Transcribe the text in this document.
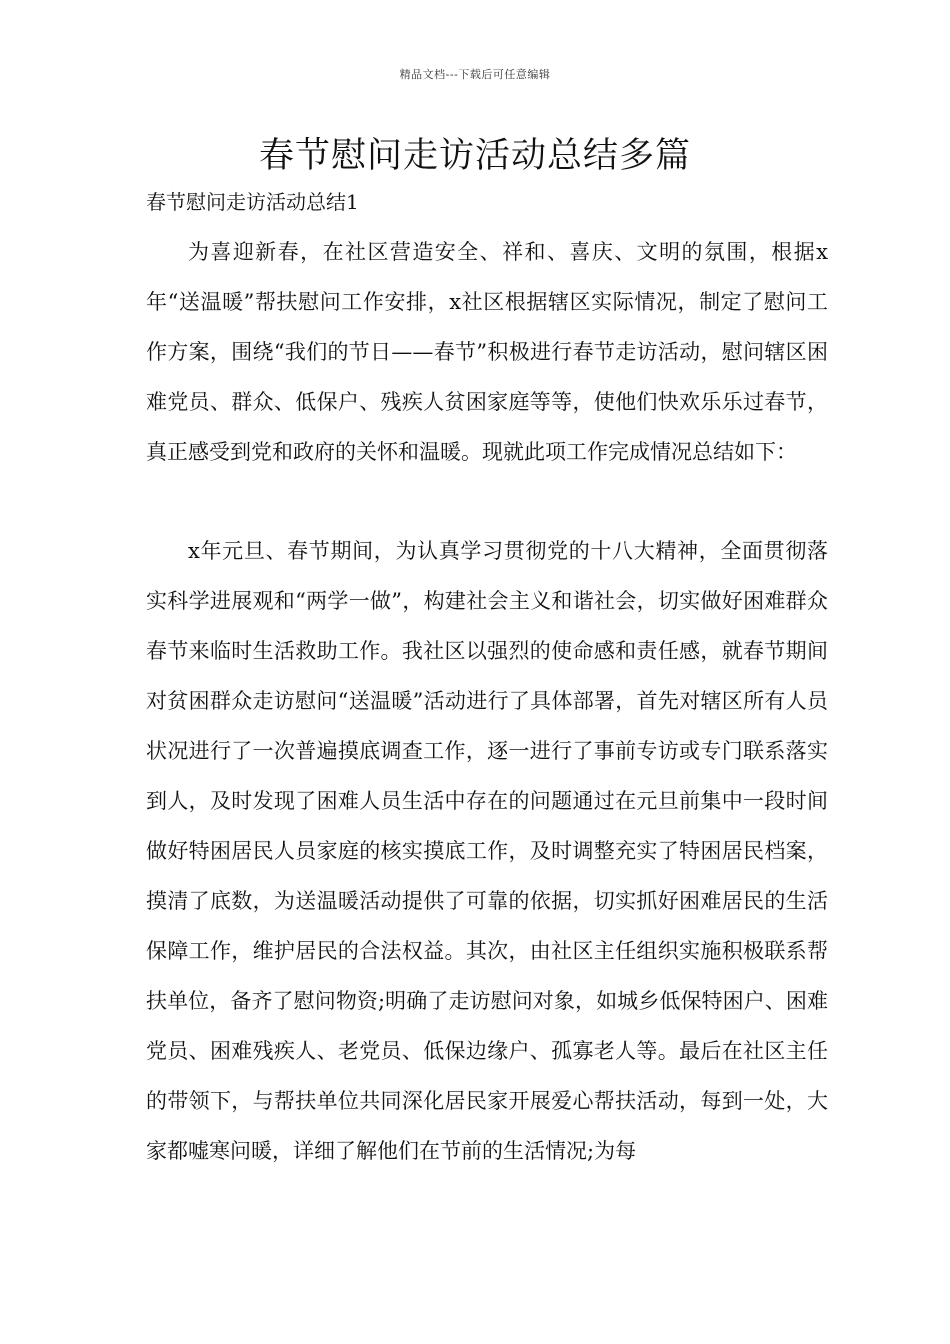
精品文档---下载后可任意编辑
春节慰问走访活动总结多篇

春节慰问走访活动总结1

为喜迎新春，在社区营造安全、祥和、喜庆、文明的氛围，根据x年“送温暖”帮扶慰问工作安排，x社区根据辖区实际情况，制定了慰问工作方案，围绕“我们的节日——春节”积极进行春节走访活动，慰问辖区困难党员、群众、低保户、残疾人贫困家庭等等，使他们快欢乐乐过春节，真正感受到党和政府的关怀和温暖。现就此项工作完成情况总结如下：

x年元旦、春节期间，为认真学习贯彻党的十八大精神，全面贯彻落实科学进展观和“两学一做”，构建社会主义和谐社会，切实做好困难群众春节来临时生活救助工作。我社区以强烈的使命感和责任感，就春节期间对贫困群众走访慰问“送温暖”活动进行了具体部署，首先对辖区所有人员状况进行了一次普遍摸底调查工作，逐一进行了事前专访或专门联系落实到人，及时发现了困难人员生活中存在的问题通过在元旦前集中一段时间做好特困居民人员家庭的核实摸底工作，及时调整充实了特困居民档案，摸清了底数，为送温暖活动提供了可靠的依据，切实抓好困难居民的生活保障工作，维护居民的合法权益。其次，由社区主任组织实施积极联系帮扶单位，备齐了慰问物资;明确了走访慰问对象，如城乡低保特困户、困难党员、困难残疾人、老党员、低保边缘户、孤寡老人等。最后在社区主任的带领下，与帮扶单位共同深化居民家开展爱心帮扶活动，每到一处，大家都嘘寒问暖，详细了解他们在节前的生活情况;为每
